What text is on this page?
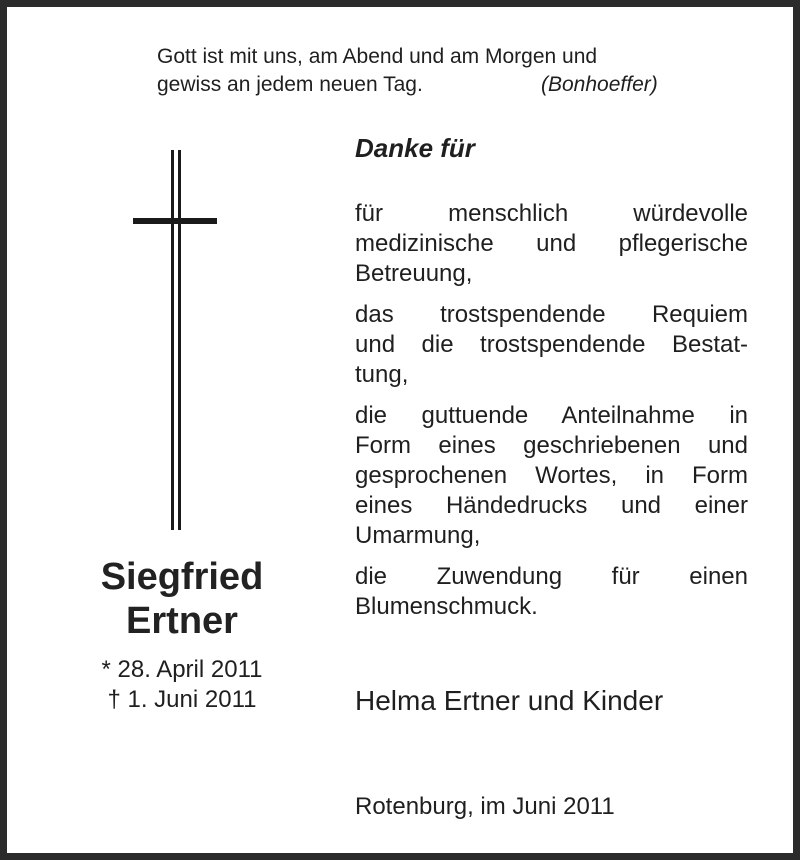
Gott ist mit uns, am Abend und am Morgen und
gewiss an jedem neuen Tag.	(Bonhoeffer)
Siegfried
Ertner
* 28. April 2011
† 1. Juni 2011
Danke für
für menschlich würdevolle
medizinische und pflegerische
Betreuung,
das trostspendende Requiem
und die trostspendende Bestat-
tung,
die guttuende Anteilnahme in
Form eines geschriebenen und
gesprochenen Wortes, in Form
eines Händedrucks und einer
Umarmung,
die Zuwendung für einen
Blumenschmuck.
Helma Ertner und Kinder
Rotenburg, im Juni 2011
